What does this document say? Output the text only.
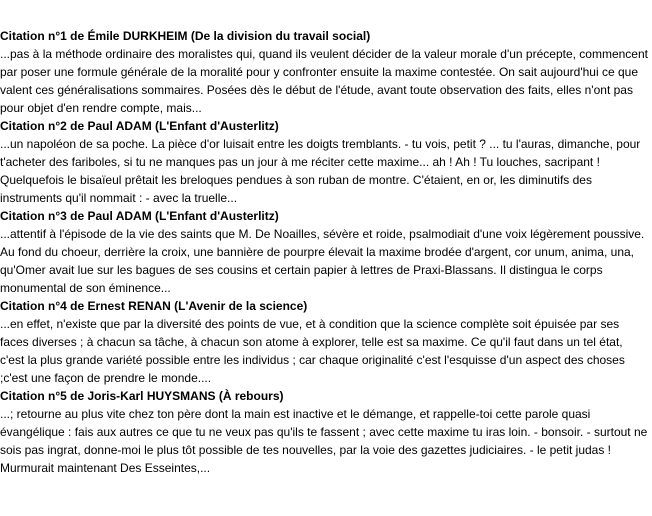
Citation n°1 de Émile DURKHEIM (De la division du travail social)

...pas à la méthode ordinaire des moralistes qui, quand ils veulent décider de la valeur morale d'un précepte, commencent par poser une formule générale de la moralité pour y confronter ensuite la maxime contestée. On sait aujourd'hui ce que valent ces généralisations sommaires. Posées dès le début de l'étude, avant toute observation des faits, elles n'ont pas pour objet d'en rendre compte, mais...

Citation n°2 de Paul ADAM (L'Enfant d'Austerlitz)

...un napoléon de sa poche. La pièce d'or luisait entre les doigts tremblants. - tu vois, petit ? ... tu l'auras, dimanche, pour t'acheter des fariboles, si tu ne manques pas un jour à me réciter cette maxime... ah ! Ah ! Tu louches, sacripant ! Quelquefois le bisaïeul prêtait les breloques pendues à son ruban de montre. C'étaient, en or, les diminutifs des instruments qu'il nommait : - avec la truelle...

Citation n°3 de Paul ADAM (L'Enfant d'Austerlitz)

...attentif à l'épisode de la vie des saints que M. De Noailles, sévère et roide, psalmodiait d'une voix légèrement poussive. Au fond du choeur, derrière la croix, une bannière de pourpre élevait la maxime brodée d'argent, cor unum, anima, una, qu'Omer avait lue sur les bagues de ses cousins et certain papier à lettres de Praxi-Blassans. Il distingua le corps monumental de son éminence...

Citation n°4 de Ernest RENAN (L'Avenir de la science)

...en effet, n'existe que par la diversité des points de vue, et à condition que la science complète soit épuisée par ses faces diverses ; à chacun sa tâche, à chacun son atome à explorer, telle est sa maxime. Ce qu'il faut dans un tel état, c'est la plus grande variété possible entre les individus ; car chaque originalité c'est l'esquisse d'un aspect des choses ;c'est une façon de prendre le monde....

Citation n°5 de Joris-Karl HUYSMANS (À rebours)

...; retourne au plus vite chez ton père dont la main est inactive et le démange, et rappelle-toi cette parole quasi évangélique : fais aux autres ce que tu ne veux pas qu'ils te fassent ; avec cette maxime tu iras loin. - bonsoir. - surtout ne sois pas ingrat, donne-moi le plus tôt possible de tes nouvelles, par la voie des gazettes judiciaires. - le petit judas ! Murmurait maintenant Des Esseintes,...
